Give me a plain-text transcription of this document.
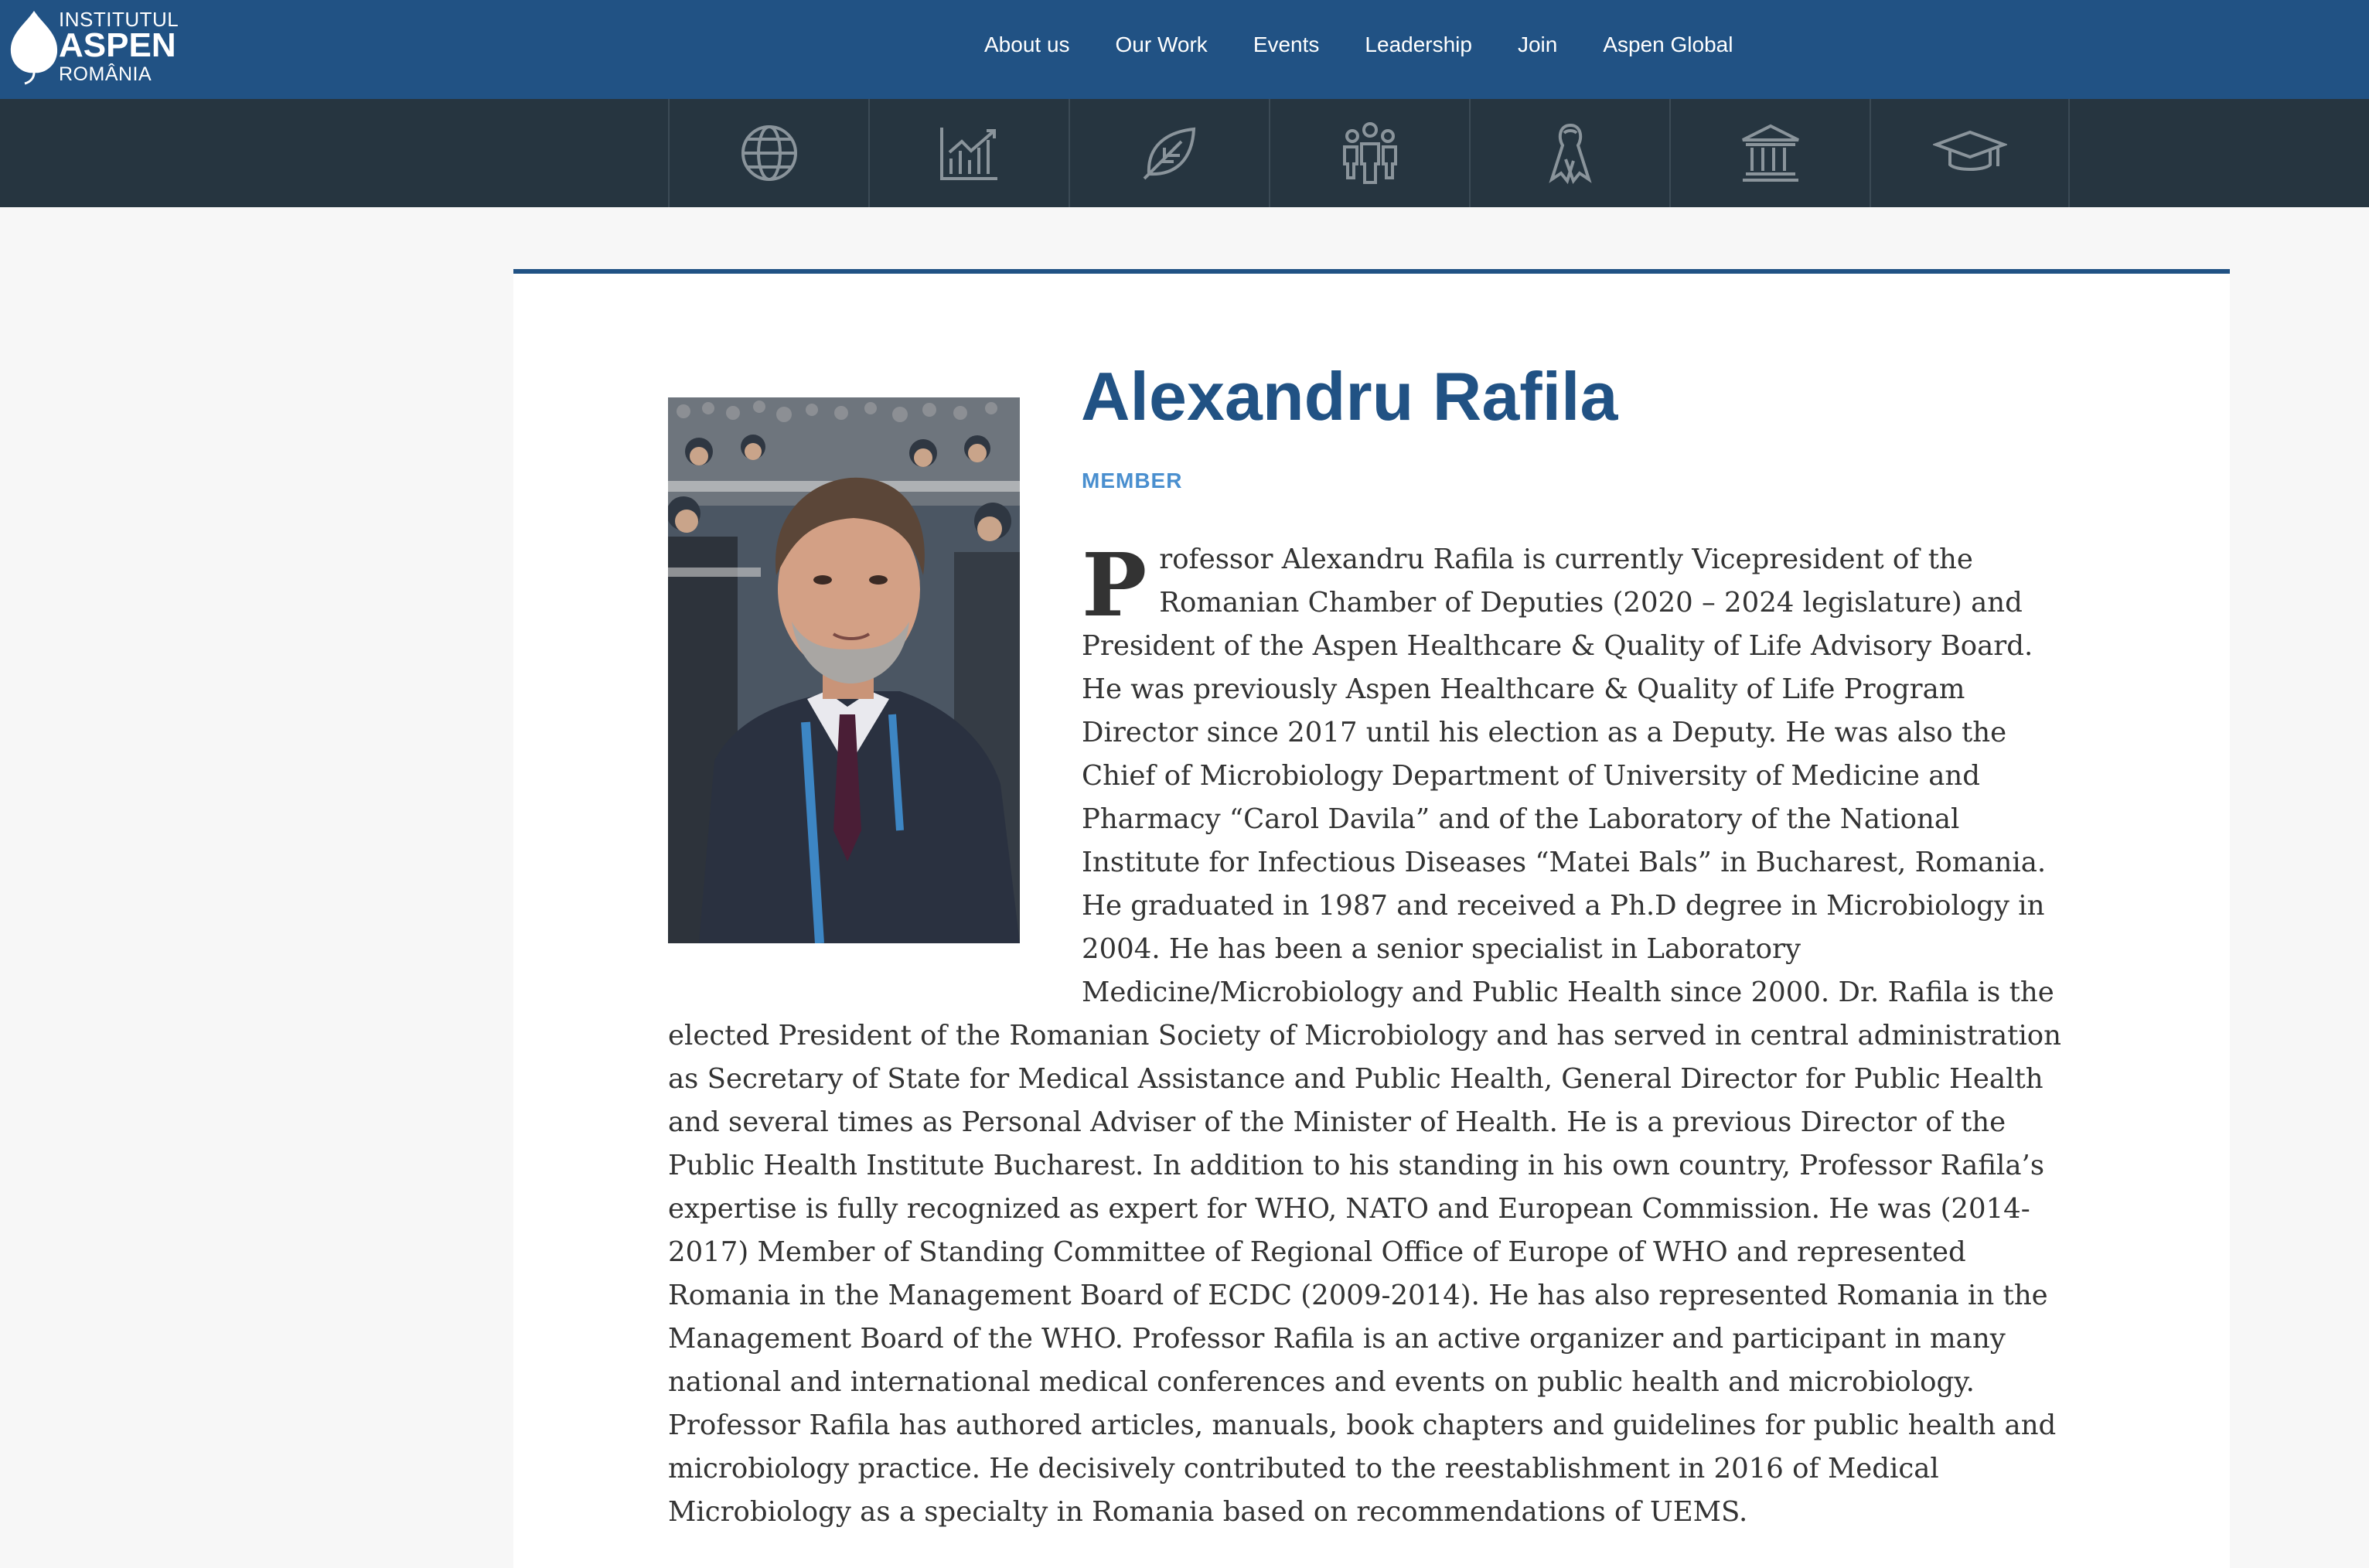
INSTITUTUL
ASPEN
ROMÂNIA
About us Our Work Events Leadership Join Aspen Global
Alexandru Rafila
MEMBER

P rofessor Alexandru Rafila is currently Vicepresident of the Romanian Chamber of Deputies (2020 – 2024 legislature) and President of the Aspen Healthcare & Quality of Life Advisory Board. He was previously Aspen Healthcare & Quality of Life Program Director since 2017 until his election as a Deputy. He was also the Chief of Microbiology Department of University of Medicine and Pharmacy “Carol Davila” and of the Laboratory of the National Institute for Infectious Diseases “Matei Bals” in Bucharest, Romania. He graduated in 1987 and received a Ph.D degree in Microbiology in 2004. He has been a senior specialist in Laboratory Medicine/Microbiology and Public Health since 2000. Dr. Rafila is the elected President of the Romanian Society of Microbiology and has served in central administration as Secretary of State for Medical Assistance and Public Health, General Director for Public Health and several times as Personal Adviser of the Minister of Health. He is a previous Director of the Public Health Institute Bucharest. In addition to his standing in his own country, Professor Rafila’s expertise is fully recognized as expert for WHO, NATO and European Commission. He was (2014-2017) Member of Standing Committee of Regional Office of Europe of WHO and represented Romania in the Management Board of ECDC (2009-2014). He has also represented Romania in the Management Board of the WHO. Professor Rafila is an active organizer and participant in many national and international medical conferences and events on public health and microbiology. Professor Rafila has authored articles, manuals, book chapters and guidelines for public health and microbiology practice. He decisively contributed to the reestablishment in 2016 of Medical Microbiology as a specialty in Romania based on recommendations of UEMS.
